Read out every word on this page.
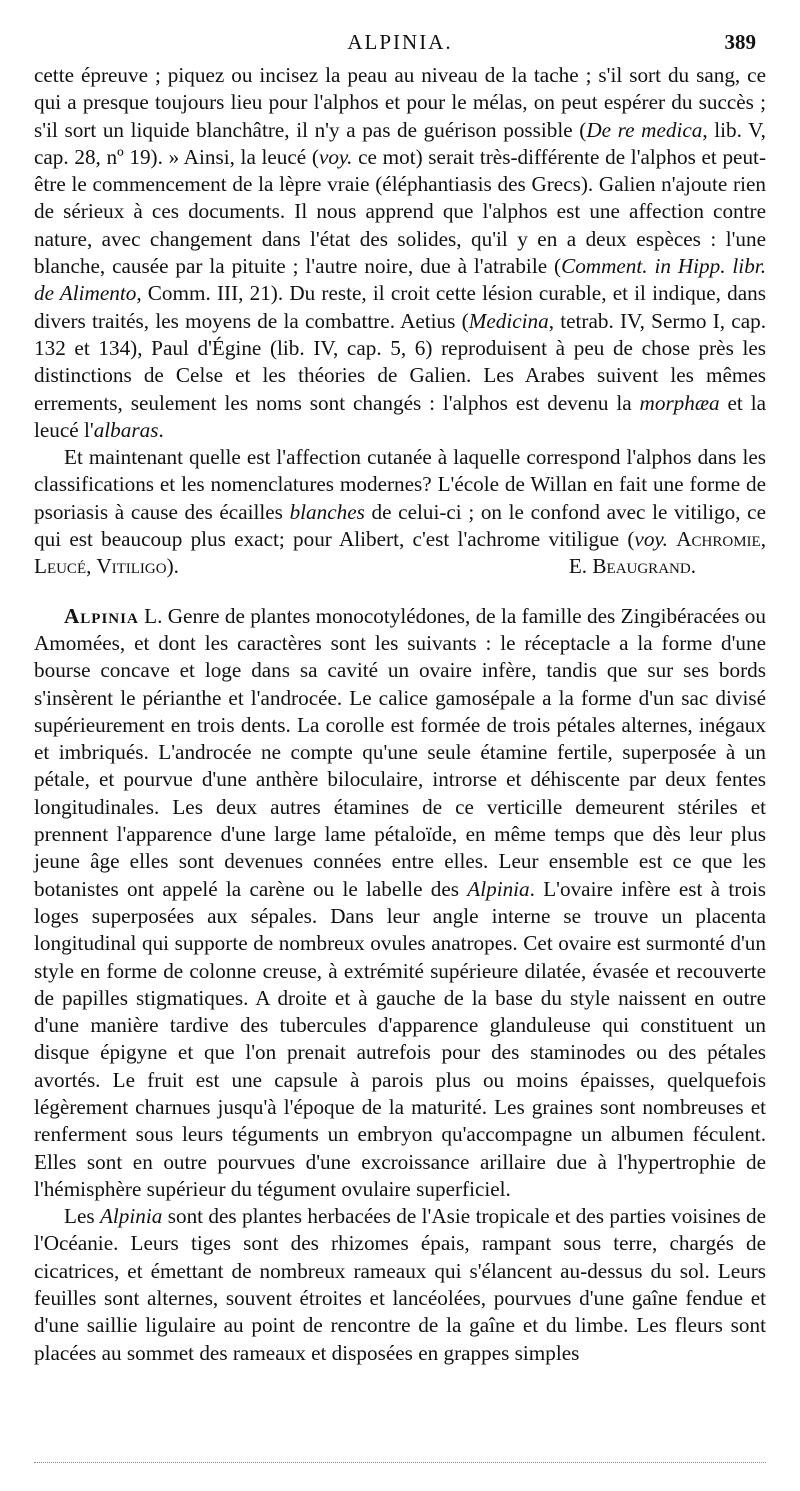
ALPINIA.	389

cette épreuve ; piquez ou incisez la peau au niveau de la tache ; s'il sort du sang, ce qui a presque toujours lieu pour l'alphos et pour le mélas, on peut espérer du succès ; s'il sort un liquide blanchâtre, il n'y a pas de guérison possible (De re medica, lib. V, cap. 28, nº 19). » Ainsi, la leucé (voy. ce mot) serait très-différente de l'alphos et peut-être le commencement de la lèpre vraie (éléphantiasis des Grecs). Galien n'ajoute rien de sérieux à ces documents. Il nous apprend que l'alphos est une affection contre nature, avec changement dans l'état des solides, qu'il y en a deux espèces : l'une blanche, causée par la pituite ; l'autre noire, due à l'atrabile (Comment. in Hipp. libr. de Alimento, Comm. III, 21). Du reste, il croit cette lésion curable, et il indique, dans divers traités, les moyens de la combattre. Aetius (Medicina, tetrab. IV, Sermo I, cap. 132 et 134), Paul d'Égine (lib. IV, cap. 5, 6) reproduisent à peu de chose près les distinctions de Celse et les théories de Galien. Les Arabes suivent les mêmes errements, seulement les noms sont changés : l'alphos est devenu la morphæa et la leucé l'albaras.

Et maintenant quelle est l'affection cutanée à laquelle correspond l'alphos dans les classifications et les nomenclatures modernes? L'école de Willan en fait une forme de psoriasis à cause des écailles blanches de celui-ci ; on le confond avec le vitiligo, ce qui est beaucoup plus exact; pour Alibert, c'est l'achrome vitiligue (voy. Achromie, Leucé, Vitiligo).	E. Beaugrand.

Alpinia L. Genre de plantes monocotylédones, de la famille des Zingibéracées ou Amomées, et dont les caractères sont les suivants : le réceptacle a la forme d'une bourse concave et loge dans sa cavité un ovaire infère, tandis que sur ses bords s'insèrent le périanthe et l'androcée. Le calice gamosépale a la forme d'un sac divisé supérieurement en trois dents. La corolle est formée de trois pétales alternes, inégaux et imbriqués. L'androcée ne compte qu'une seule étamine fertile, superposée à un pétale, et pourvue d'une anthère biloculaire, introrse et déhiscente par deux fentes longitudinales. Les deux autres étamines de ce verticille demeurent stériles et prennent l'apparence d'une large lame pétaloïde, en même temps que dès leur plus jeune âge elles sont devenues connées entre elles. Leur ensemble est ce que les botanistes ont appelé la carène ou le labelle des Alpinia. L'ovaire infère est à trois loges superposées aux sépales. Dans leur angle interne se trouve un placenta longitudinal qui supporte de nombreux ovules anatropes. Cet ovaire est surmonté d'un style en forme de colonne creuse, à extrémité supérieure dilatée, évasée et recouverte de papilles stigmatiques. A droite et à gauche de la base du style naissent en outre d'une manière tardive des tubercules d'apparence glanduleuse qui constituent un disque épigyne et que l'on prenait autrefois pour des staminodes ou des pétales avortés. Le fruit est une capsule à parois plus ou moins épaisses, quelquefois légèrement charnues jusqu'à l'époque de la maturité. Les graines sont nombreuses et renferment sous leurs téguments un embryon qu'accompagne un albumen féculent. Elles sont en outre pourvues d'une excroissance arillaire due à l'hypertrophie de l'hémisphère supérieur du tégument ovulaire superficiel.

Les Alpinia sont des plantes herbacées de l'Asie tropicale et des parties voisines de l'Océanie. Leurs tiges sont des rhizomes épais, rampant sous terre, chargés de cicatrices, et émettant de nombreux rameaux qui s'élancent au-dessus du sol. Leurs feuilles sont alternes, souvent étroites et lancéolées, pourvues d'une gaîne fendue et d'une saillie ligulaire au point de rencontre de la gaîne et du limbe. Les fleurs sont placées au sommet des rameaux et disposées en grappes simples
